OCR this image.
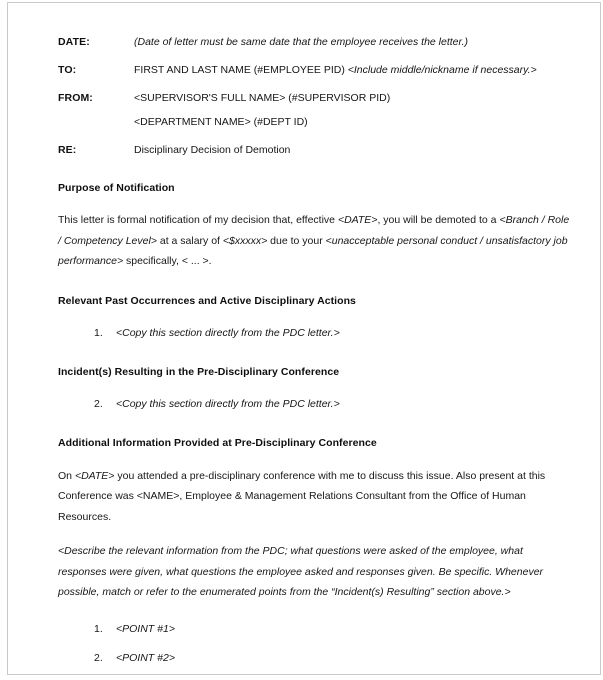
DATE:	(Date of letter must be same date that the employee receives the letter.)
TO:	FIRST AND LAST NAME (#EMPLOYEE PID) <Include middle/nickname if necessary.>
FROM:	<SUPERVISOR'S FULL NAME> (#SUPERVISOR PID)
<DEPARTMENT NAME> (#DEPT ID)
RE:	Disciplinary Decision of Demotion
Purpose of Notification

This letter is formal notification of my decision that, effective <DATE>, you will be demoted to a <Branch / Role / Competency Level> at a salary of <$xxxxx> due to your <unacceptable personal conduct / unsatisfactory job performance> specifically, < ... >.

Relevant Past Occurrences and Active Disciplinary Actions
1.	<Copy this section directly from the PDC letter.>
Incident(s) Resulting in the Pre-Disciplinary Conference
2.	<Copy this section directly from the PDC letter.>
Additional Information Provided at Pre-Disciplinary Conference

On <DATE> you attended a pre-disciplinary conference with me to discuss this issue. Also present at this Conference was <NAME>, Employee & Management Relations Consultant from the Office of Human Resources.

<Describe the relevant information from the PDC; what questions were asked of the employee, what responses were given, what questions the employee asked and responses given. Be specific. Whenever possible, match or refer to the enumerated points from the “Incident(s) Resulting” section above.>

1.	<POINT #1>
2.	<POINT #2>
